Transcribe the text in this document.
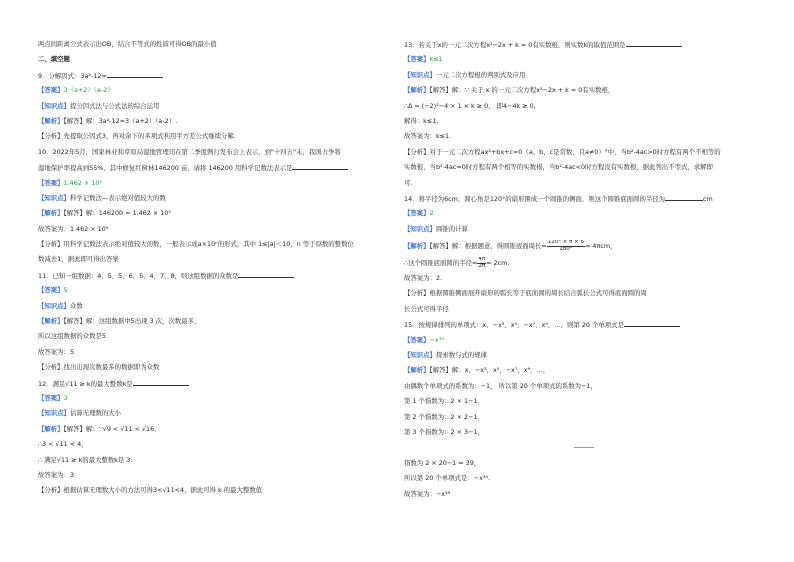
两点间距离公式表示出OB，结合不等式的性质可得OB的最小值
二、填空题
9．分解因式：3a²-12=
【答案】3（a+2）（a-2）
【知识点】提公因式法与公式法的综合运用
【解析】【解答】解：3a²-12=3（a+2）（a-2）.
【分析】先提取公因式3，再对余下的多项式利用平方差公式继续分解.
10．2022年5月，国家林业和草原局湿地管理司在第二季度例行发布会上表示，到"十四五"末，我国力争将
湿地保护率提高到55%，其中修复红树林146200 亩，请将 146200 用科学记数法表示是
【答案】1.462 × 10⁵
【知识点】科学记数法—表示绝对值较大的数
【解析】【解答】解：146200 = 1.462 × 10⁵
故答案为：1.462 × 10⁵
【分析】用科学记数法表示绝对值较大的数，一般表示成a×10ⁿ的形式，其中 1≤|a|＜10，n 等于原数的整数位
数减去1，据此即可得出答案
11．已知一组数据：4，5，5，6，5，4，7，8，则这组数据的众数是
【答案】5
【知识点】众数
【解析】【解答】解：这组数据中5出现 3 次，次数最多，
所以这组数据的众数是5
故答案为：5
【分析】找出出现次数最多的数据即为众数
12．满足√11 ≥ k的最大整数k是
【答案】3
【知识点】估算无理数的大小
【解析】【解答】解：∵√9 < √11 < √16,
∴3 < √11 < 4，
∴ 满足√11 ≥ k的最大整数k是 3.
故答案为：3
【分析】根据估算无理数大小的方法可得3<√11<4，据此可得 k 的最大整数值
13．若关于x的一元二次方程x²−2x + k = 0有实数根，则实数k的取值范围是
【答案】k≤1
【知识点】一元二次方程根的判别式及应用
【解析】【解答】解：∵ 关于 x 的一元二次方程x²−2x + k = 0有实数根，
∴∆ = (−2)²−4 × 1 × k ≥ 0， 即4−4k ≥ 0,
解得：k≤1.
故答案为：k≤1.
【分析】对于一元二次方程ax²+bx+c=0（a、b、c是常数，且a≠0）"中，当b²-4ac>0时方程有两个不相等的
实数根，当b²-4ac=0时方程有两个相等的实数根，当b²-4ac<0时方程没有实数根，据此列出不等式，求解即
可.
14．将半径为6cm，圆心角是120°的扇形围成一个圆锥的侧面，则这个圆锥底面圆的半径为	cm
【答案】2
【知识点】圆锥的计算
【解析】【解答】解：根据题意，得圆锥底面周长= $\frac{120^\circ \times \pi \times 6}{180^\circ} = 4\pi cm$，
∴这个圆锥底面圆的半径= $\frac{4\pi}{2\pi} = 2cm$.
故答案为：2.
【分析】根据圆锥侧面展开扇形的弧长等于底面圆的周长结合弧长公式可得底面圆的周
长公式可得半径
15．按规律排列的单项式：x，−x³，x⁵，−x⁷，x⁹，…，则第 20 个单项式是
【答案】−x³⁹
【知识点】探索数与式的规律
【解析】【解答】解：x，−x³，x⁵，−x⁷，x⁹，…，
由偶数个单项式的系数为：−1， 所以第 20 个单项式的系数为−1，
第 1 个指数为：2 × 1−1，
第 2 个指数为：2 × 2−1，
第 3 个指数为：2 × 3−1，
指数为 2 × 20−1 = 39，
所以第 20 个单项式是：−x³⁹.
故答案为：−x³⁹
